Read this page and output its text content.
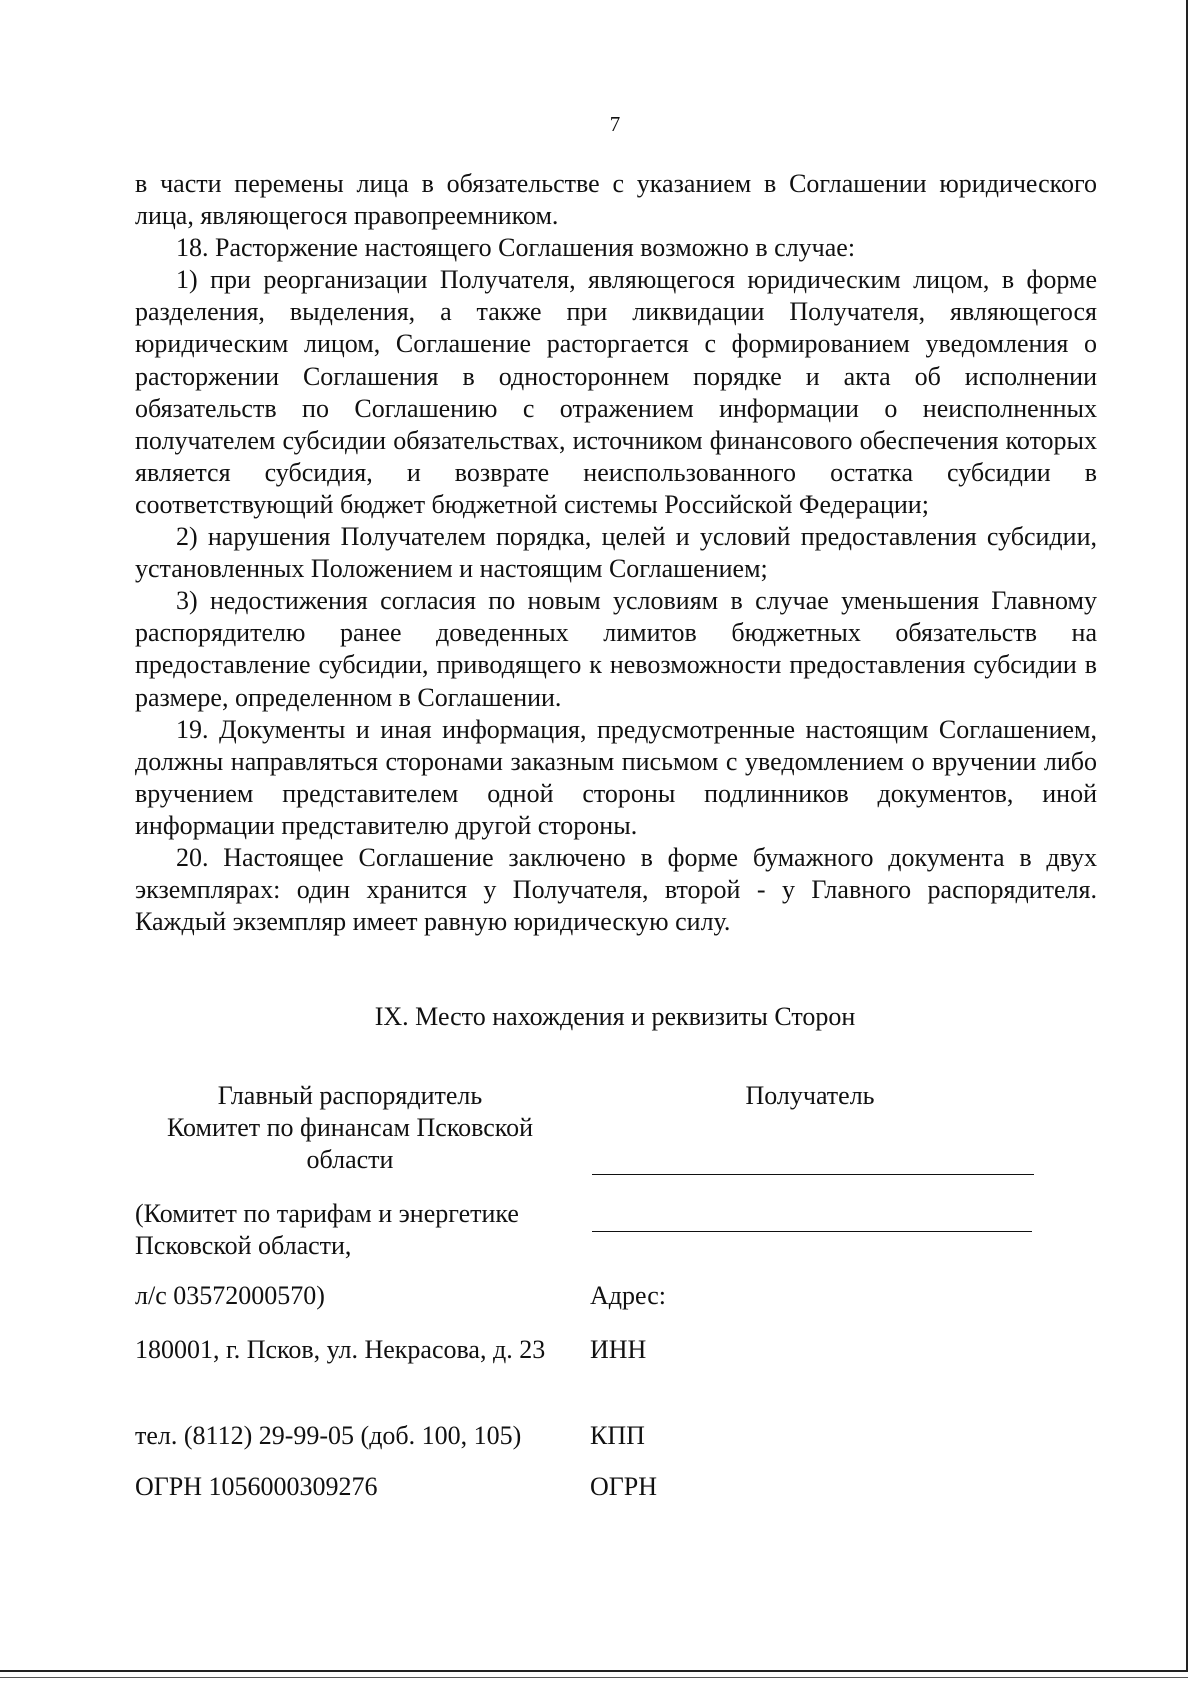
7

в части перемены лица в обязательстве с указанием в Соглашении юридического лица, являющегося правопреемником.

18. Расторжение настоящего Соглашения возможно в случае:

1) при реорганизации Получателя, являющегося юридическим лицом, в форме разделения, выделения, а также при ликвидации Получателя, являющегося юридическим лицом, Соглашение расторгается с формированием уведомления о расторжении Соглашения в одностороннем порядке и акта об исполнении обязательств по Соглашению с отражением информации о неисполненных получателем субсидии обязательствах, источником финансового обеспечения которых является субсидия, и возврате неиспользованного остатка субсидии в соответствующий бюджет бюджетной системы Российской Федерации;

2) нарушения Получателем порядка, целей и условий предоставления субсидии, установленных Положением и настоящим Соглашением;

3) недостижения согласия по новым условиям в случае уменьшения Главному распорядителю ранее доведенных лимитов бюджетных обязательств на предоставление субсидии, приводящего к невозможности предоставления субсидии в размере, определенном в Соглашении.

19. Документы и иная информация, предусмотренные настоящим Соглашением, должны направляться сторонами заказным письмом с уведомлением о вручении либо вручением представителем одной стороны подлинников документов, иной информации представителю другой стороны.

20. Настоящее Соглашение заключено в форме бумажного документа в двух экземплярах: один хранится у Получателя, второй - у Главного распорядителя. Каждый экземпляр имеет равную юридическую силу.

IX. Место нахождения и реквизиты Сторон
Главный распорядитель
Комитет по финансам Псковской области
(Комитет по тарифам и энергетике Псковской области,
л/с 03572000570)
180001, г. Псков, ул. Некрасова, д. 23
тел. (8112) 29-99-05 (доб. 100, 105)
ОГРН 1056000309276
Получатель
Адрес:
ИНН
КПП
ОГРН
